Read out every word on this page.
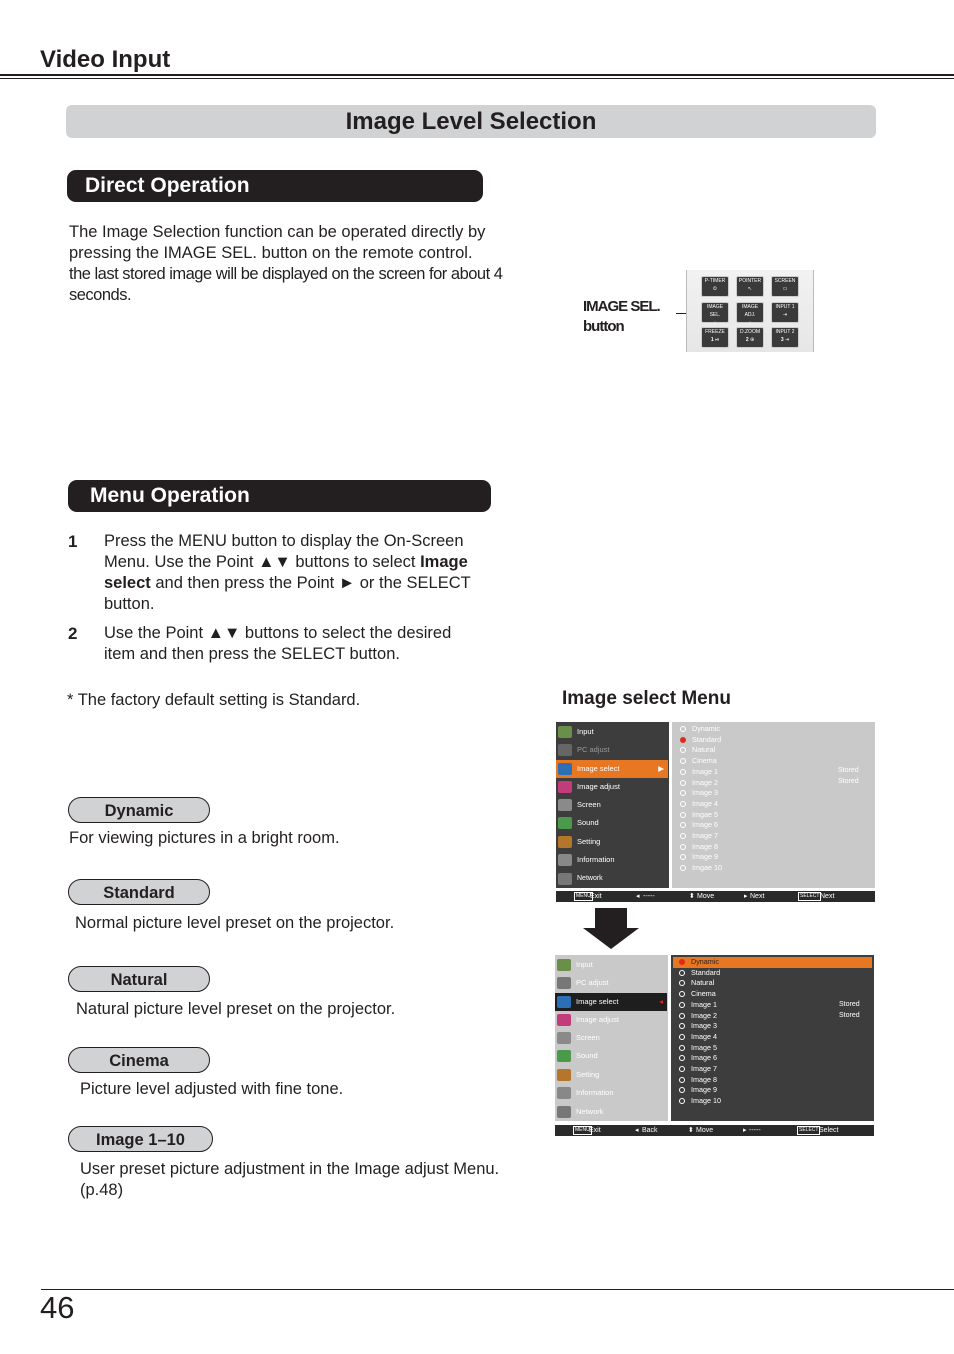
Video Input
Image Level Selection
Direct Operation
The Image Selection function can be operated directly by pressing the IMAGE SEL. button on the remote control.
the last stored image will be displayed on the screen for about 4 seconds.
IMAGE SEL. button
P-TIMER
⏲
POINTER
↖
SCREEN
▭
IMAGE SEL.
∴
IMAGE ADJ.
∴
INPUT 1
⇥
FREEZE
1 ⏯
D.ZOOM
2 ⊕
INPUT 2
3 ⇥
Menu Operation
1 Press the MENU button to display the On-Screen Menu. Use the Point ▲▼ buttons to select Image select and then press the Point ► or the SELECT button.
2 Use the Point ▲▼ buttons to select the desired item and then press the SELECT button.
* The factory default setting is Standard.
Dynamic
For viewing pictures in a bright room.
Standard
Normal picture level preset on the projector.
Natural
Natural picture level preset on the projector.
Cinema
Picture level adjusted with fine tone.
Image 1–10
User preset picture adjustment in the Image adjust Menu. (p.48)
Image select Menu
Input
PC adjust
Image select	▶
Image adjust
Screen
Sound
Setting
Information
Network
Dynamic
Standard
Natural
Cinema
Image 1
Image 2
Image 3
Image 4
Imgae 5
Image 6
Image 7
Image 8
Image 9
Imgae 10
Stored
Stored
MENU Exit	◂ -----	⬍ Move	▸ Next	SELECT Next
Input
PC adjust
Image select	◂
Image adjust
Screen
Sound
Setting
Information
Network
Dynamic
Standard
Natural
Cinema
Image 1
Image 2
Image 3
Image 4
Image 5
Image 6
Image 7
Image 8
Image 9
Image 10
Stored
Stored
MENU Exit	◂ Back	⬍ Move	▸ -----	SELECT Select
46
